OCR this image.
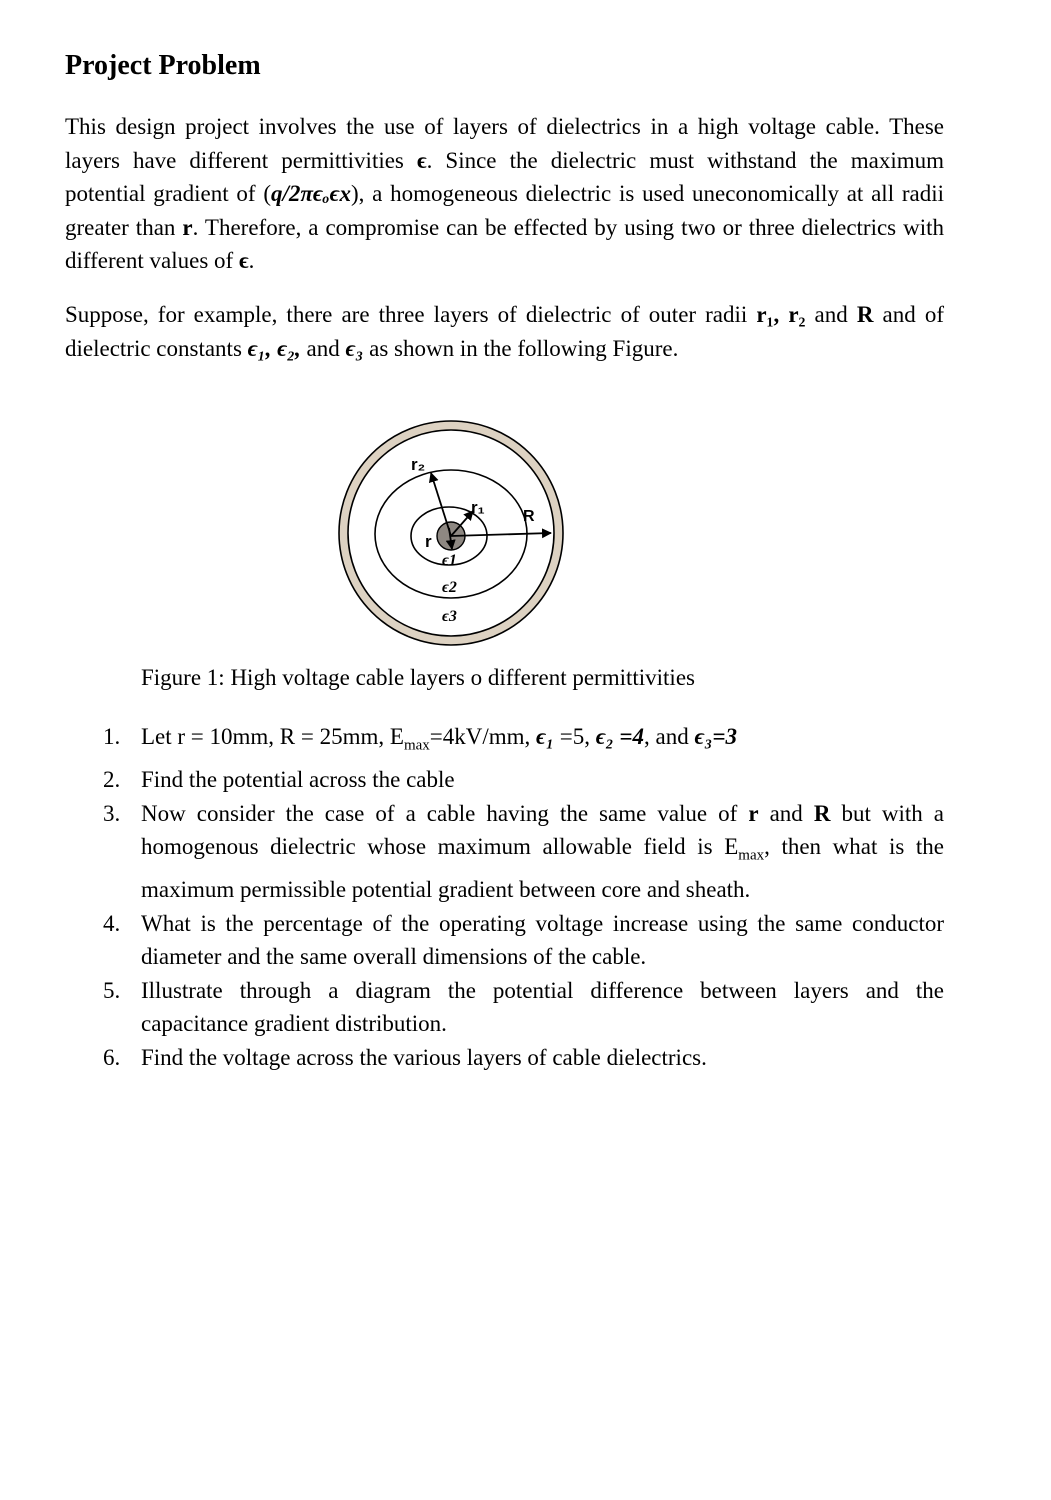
Project Problem

This design project involves the use of layers of dielectrics in a high voltage cable. These layers have different permittivities ϵ. Since the dielectric must withstand the maximum potential gradient of (q/2πϵₒϵx), a homogeneous dielectric is used uneconomically at all radii greater than r. Therefore, a compromise can be effected by using two or three dielectrics with different values of ϵ.

Suppose, for example, there are three layers of dielectric of outer radii r₁, r₂ and R and of dielectric constants ϵ₁, ϵ₂, and ϵ₃ as shown in the following Figure.

r₂
r₁ R
r
ϵ1
ϵ2
ϵ3

Figure 1: High voltage cable layers o different permittivities

1. Let r = 10mm, R = 25mm, $E_{max}=4kV/mm$, ϵ₁ =5, ϵ₂ =4, and ϵ₃=3
2. Find the potential across the cable
3. Now consider the case of a cable having the same value of r and R but with a homogenous dielectric whose maximum allowable field is $E_{max}$, then what is the maximum permissible potential gradient between core and sheath.
4. What is the percentage of the operating voltage increase using the same conductor diameter and the same overall dimensions of the cable.
5. Illustrate through a diagram the potential difference between layers and the capacitance gradient distribution.
6. Find the voltage across the various layers of cable dielectrics.
